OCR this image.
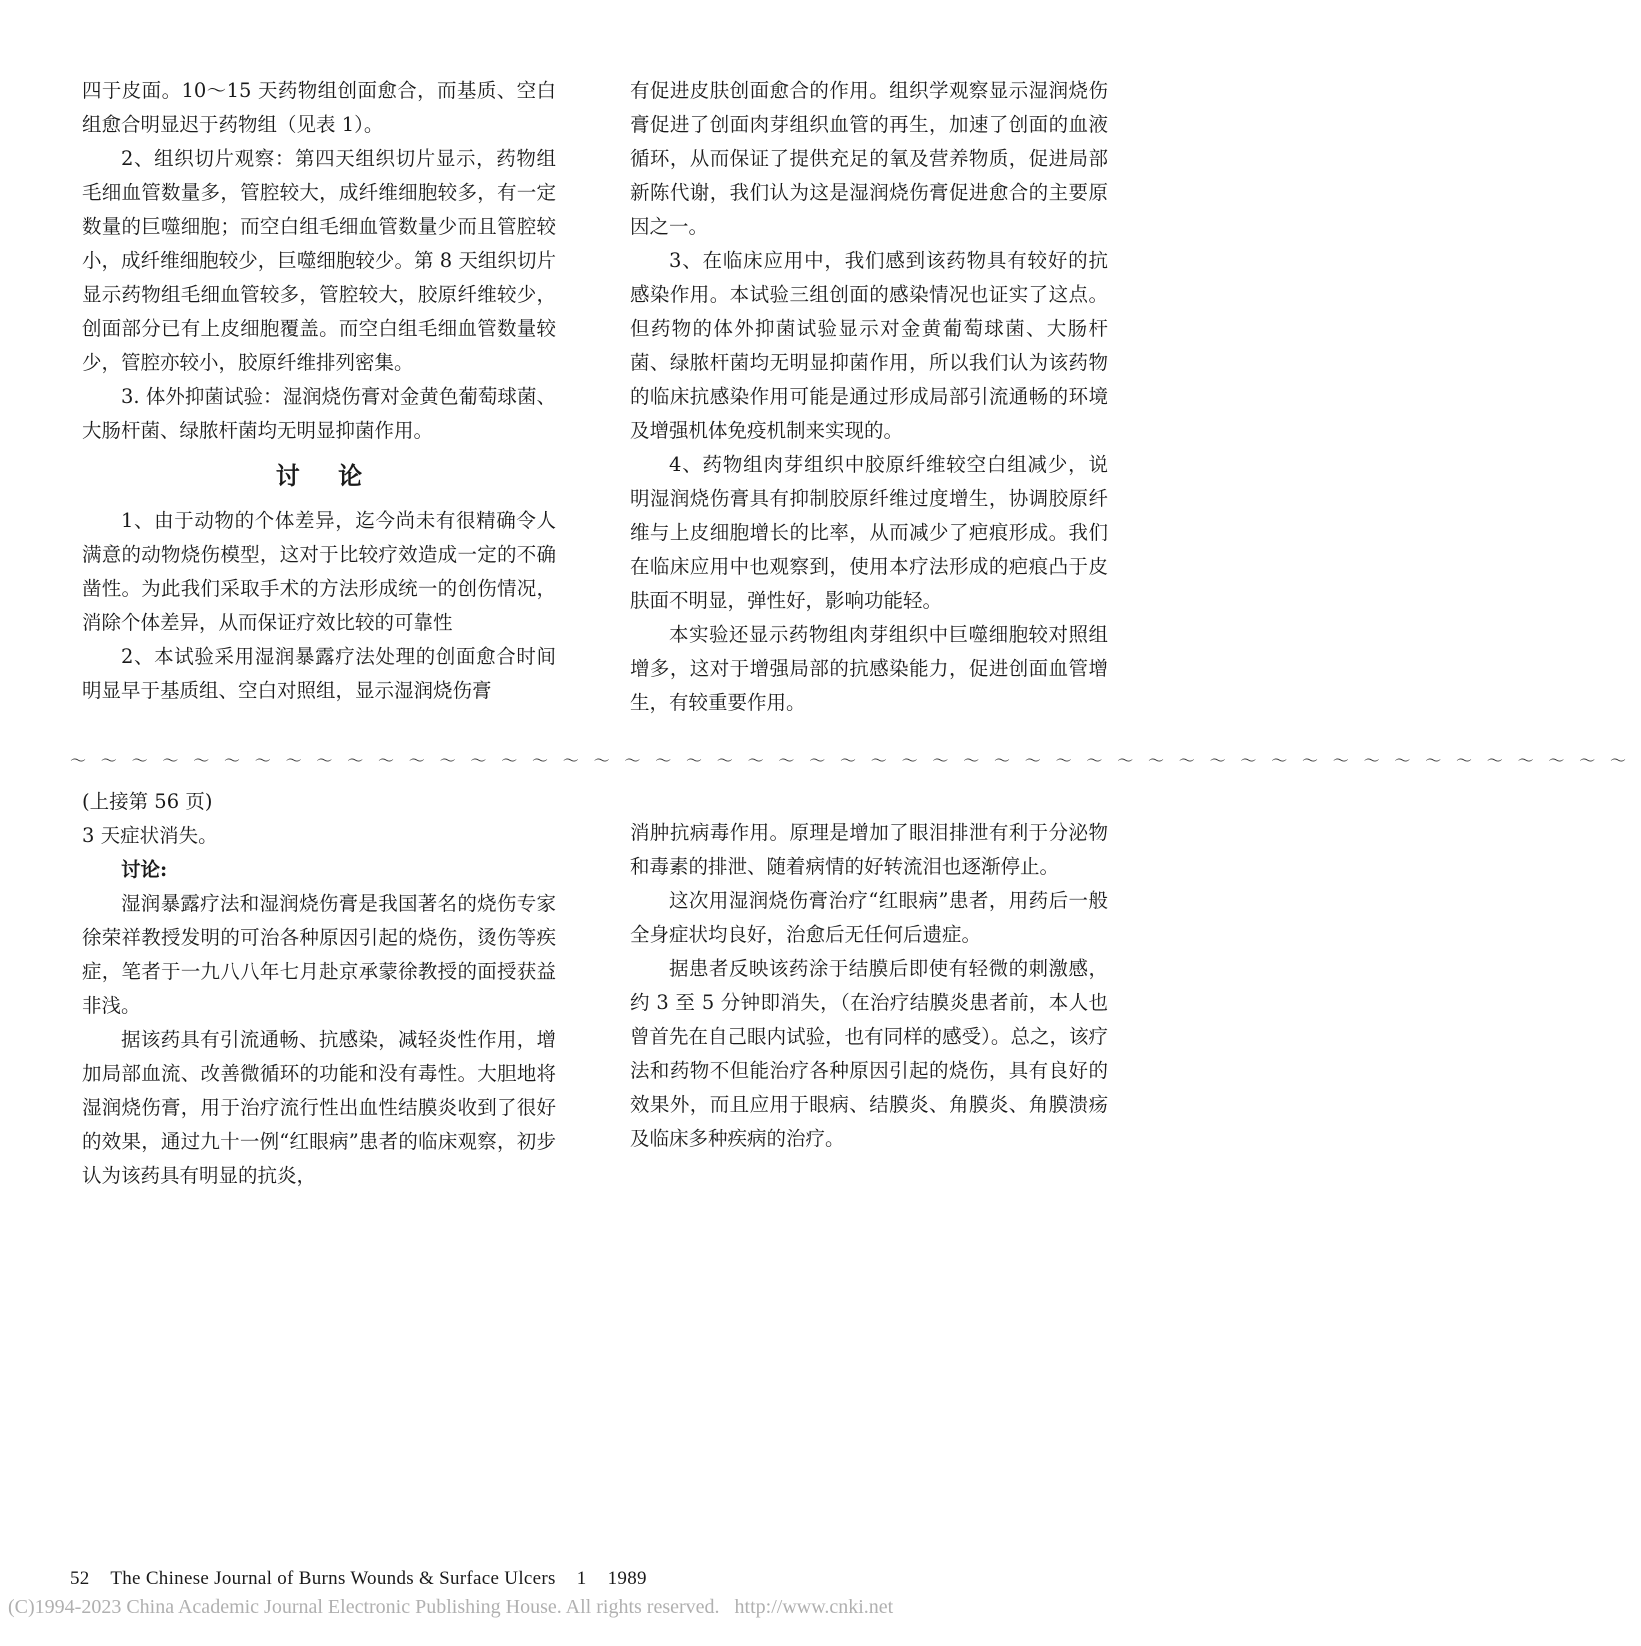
四于皮面。10～15 天药物组创面愈合，而基质、空白组愈合明显迟于药物组（见表 1）。

2、组织切片观察：第四天组织切片显示，药物组毛细血管数量多，管腔较大，成纤维细胞较多，有一定数量的巨噬细胞；而空白组毛细血管数量少而且管腔较小，成纤维细胞较少，巨噬细胞较少。第 8 天组织切片显示药物组毛细血管较多，管腔较大，胶原纤维较少，创面部分已有上皮细胞覆盖。而空白组毛细血管数量较少，管腔亦较小，胶原纤维排列密集。

3. 体外抑菌试验：湿润烧伤膏对金黄色葡萄球菌、大肠杆菌、绿脓杆菌均无明显抑菌作用。

讨论

1、由于动物的个体差异，迄今尚未有很精确令人满意的动物烧伤模型，这对于比较疗效造成一定的不确凿性。为此我们采取手术的方法形成统一的创伤情况，消除个体差异，从而保证疗效比较的可靠性

2、本试验采用湿润暴露疗法处理的创面愈合时间明显早于基质组、空白对照组，显示湿润烧伤膏

有促进皮肤创面愈合的作用。组织学观察显示湿润烧伤膏促进了创面肉芽组织血管的再生，加速了创面的血液循环，从而保证了提供充足的氧及营养物质，促进局部新陈代谢，我们认为这是湿润烧伤膏促进愈合的主要原因之一。

3、在临床应用中，我们感到该药物具有较好的抗感染作用。本试验三组创面的感染情况也证实了这点。但药物的体外抑菌试验显示对金黄葡萄球菌、大肠杆菌、绿脓杆菌均无明显抑菌作用，所以我们认为该药物的临床抗感染作用可能是通过形成局部引流通畅的环境及增强机体免疫机制来实现的。

4、药物组肉芽组织中胶原纤维较空白组减少，说明湿润烧伤膏具有抑制胶原纤维过度增生，协调胶原纤维与上皮细胞增长的比率，从而减少了疤痕形成。我们在临床应用中也观察到，使用本疗法形成的疤痕凸于皮肤面不明显，弹性好，影响功能轻。

本实验还显示药物组肉芽组织中巨噬细胞较对照组增多，这对于增强局部的抗感染能力，促进创面血管增生，有较重要作用。

～～～～～～～～～～～～～～～～～～～～～～～～～～～～～～～～～～～～～～～～～～～～～～～～～～～

(上接第 56 页)

3 天症状消失。

讨论:

湿润暴露疗法和湿润烧伤膏是我国著名的烧伤专家徐荣祥教授发明的可治各种原因引起的烧伤，烫伤等疾症，笔者于一九八八年七月赴京承蒙徐教授的面授获益非浅。

据该药具有引流通畅、抗感染，减轻炎性作用，增加局部血流、改善微循环的功能和没有毒性。大胆地将湿润烧伤膏，用于治疗流行性出血性结膜炎收到了很好的效果，通过九十一例“红眼病”患者的临床观察，初步认为该药具有明显的抗炎，

消肿抗病毒作用。原理是增加了眼泪排泄有利于分泌物和毒素的排泄、随着病情的好转流泪也逐渐停止。

这次用湿润烧伤膏治疗“红眼病”患者，用药后一般全身症状均良好，治愈后无任何后遗症。

据患者反映该药涂于结膜后即使有轻微的刺激感，约 3 至 5 分钟即消失，（在治疗结膜炎患者前，本人也曾首先在自己眼内试验，也有同样的感受）。总之，该疗法和药物不但能治疗各种原因引起的烧伤，具有良好的效果外，而且应用于眼病、结膜炎、角膜炎、角膜溃疡及临床多种疾病的治疗。

52 The Chinese Journal of Burns Wounds & Surface Ulcers 1 1989
(C)1994-2023 China Academic Journal Electronic Publishing House. All rights reserved. http://www.cnki.net
